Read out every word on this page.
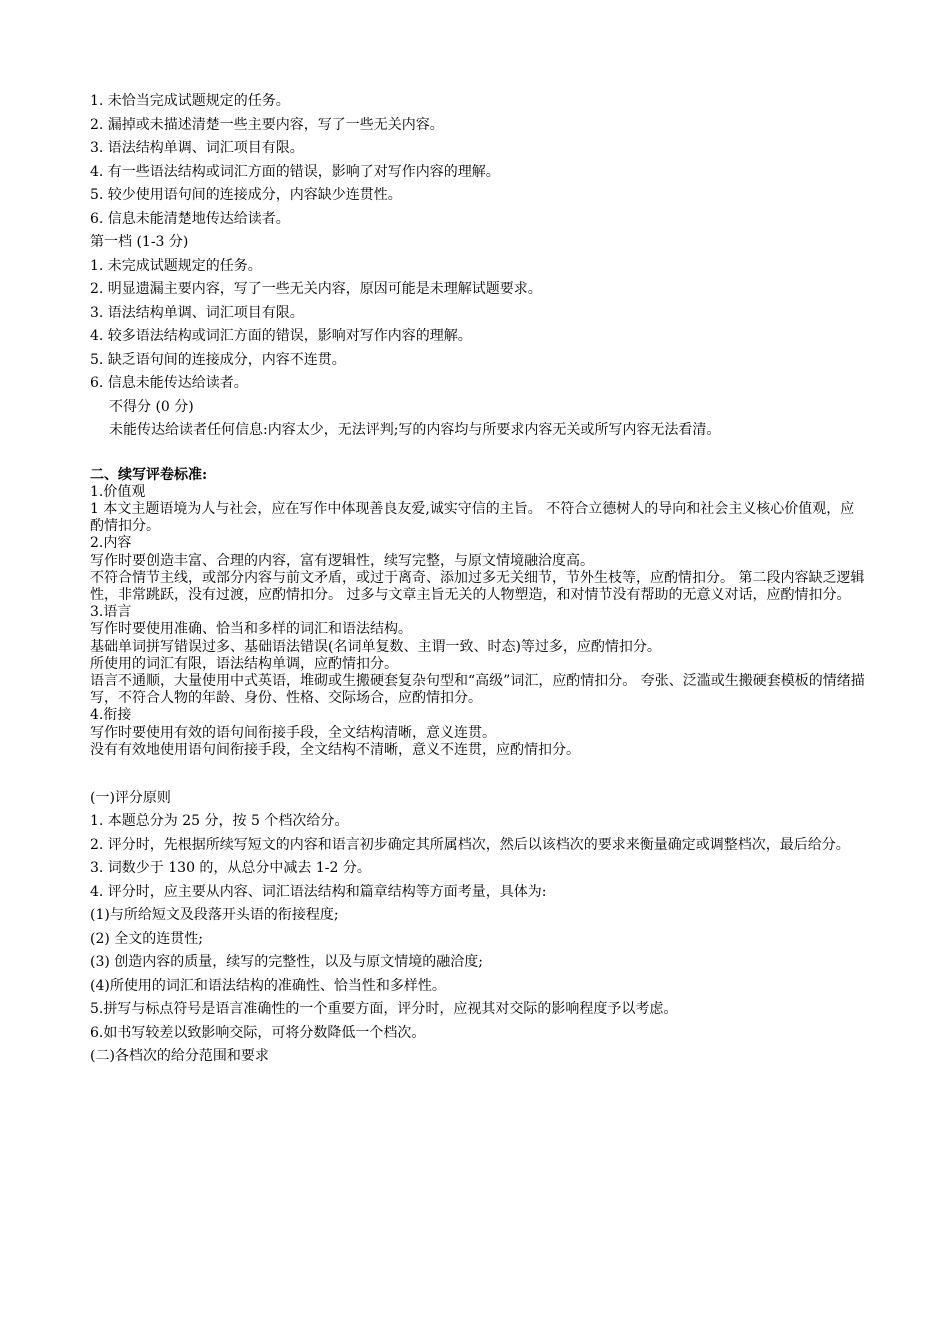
1. 未恰当完成试题规定的任务。

2. 漏掉或未描述清楚一些主要内容，写了一些无关内容。

3. 语法结构单调、词汇项目有限。

4. 有一些语法结构或词汇方面的错误，影响了对写作内容的理解。

5. 较少使用语句间的连接成分，内容缺少连贯性。

6. 信息未能清楚地传达给读者。

第一档 (1-3 分)

1. 未完成试题规定的任务。

2. 明显遗漏主要内容，写了一些无关内容，原因可能是未理解试题要求。

3. 语法结构单调、词汇项目有限。

4. 较多语法结构或词汇方面的错误，影响对写作内容的理解。

5. 缺乏语句间的连接成分，内容不连贯。

6. 信息未能传达给读者。

不得分 (0 分)

未能传达给读者任何信息:内容太少，无法评判;写的内容均与所要求内容无关或所写内容无法看清。

二、续写评卷标准:

1.价值观

1 本文主题语境为人与社会，应在写作中体现善良友爱,诚实守信的主旨。 不符合立德树人的导向和社会主义核心价值观，应酌情扣分。

2.内容

写作时要创造丰富、合理的内容，富有逻辑性，续写完整，与原文情境融洽度高。

不符合情节主线，或部分内容与前文矛盾，或过于离奇、添加过多无关细节，节外生枝等，应酌情扣分。 第二段内容缺乏逻辑性，非常跳跃，没有过渡，应酌情扣分。 过多与文章主旨无关的人物塑造，和对情节没有帮助的无意义对话，应酌情扣分。

3.语言

写作时要使用准确、恰当和多样的词汇和语法结构。

基础单词拼写错误过多、基础语法错误(名词单复数、主谓一致、时态)等过多，应酌情扣分。

所使用的词汇有限，语法结构单调，应酌情扣分。

语言不通顺，大量使用中式英语，堆砌或生搬硬套复杂句型和“高级”词汇，应酌情扣分。 夸张、泛滥或生搬硬套模板的情绪描写，不符合人物的年龄、身份、性格、交际场合，应酌情扣分。

4.衔接

写作时要使用有效的语句间衔接手段，全文结构清晰，意义连贯。

没有有效地使用语句间衔接手段，全文结构不清晰，意义不连贯，应酌情扣分。

(一)评分原则

1. 本题总分为 25 分，按 5 个档次给分。

2. 评分时，先根据所续写短文的内容和语言初步确定其所属档次，然后以该档次的要求来衡量确定或调整档次，最后给分。

3. 词数少于 130 的，从总分中减去 1-2 分。

4. 评分时，应主要从内容、词汇语法结构和篇章结构等方面考量，具体为:

(1)与所给短文及段落开头语的衔接程度;

(2) 全文的连贯性;

(3) 创造内容的质量，续写的完整性，以及与原文情境的融洽度;

(4)所使用的词汇和语法结构的准确性、恰当性和多样性。

5.拼写与标点符号是语言准确性的一个重要方面，评分时，应视其对交际的影响程度予以考虑。

6.如书写较差以致影响交际，可将分数降低一个档次。

(二)各档次的给分范围和要求
